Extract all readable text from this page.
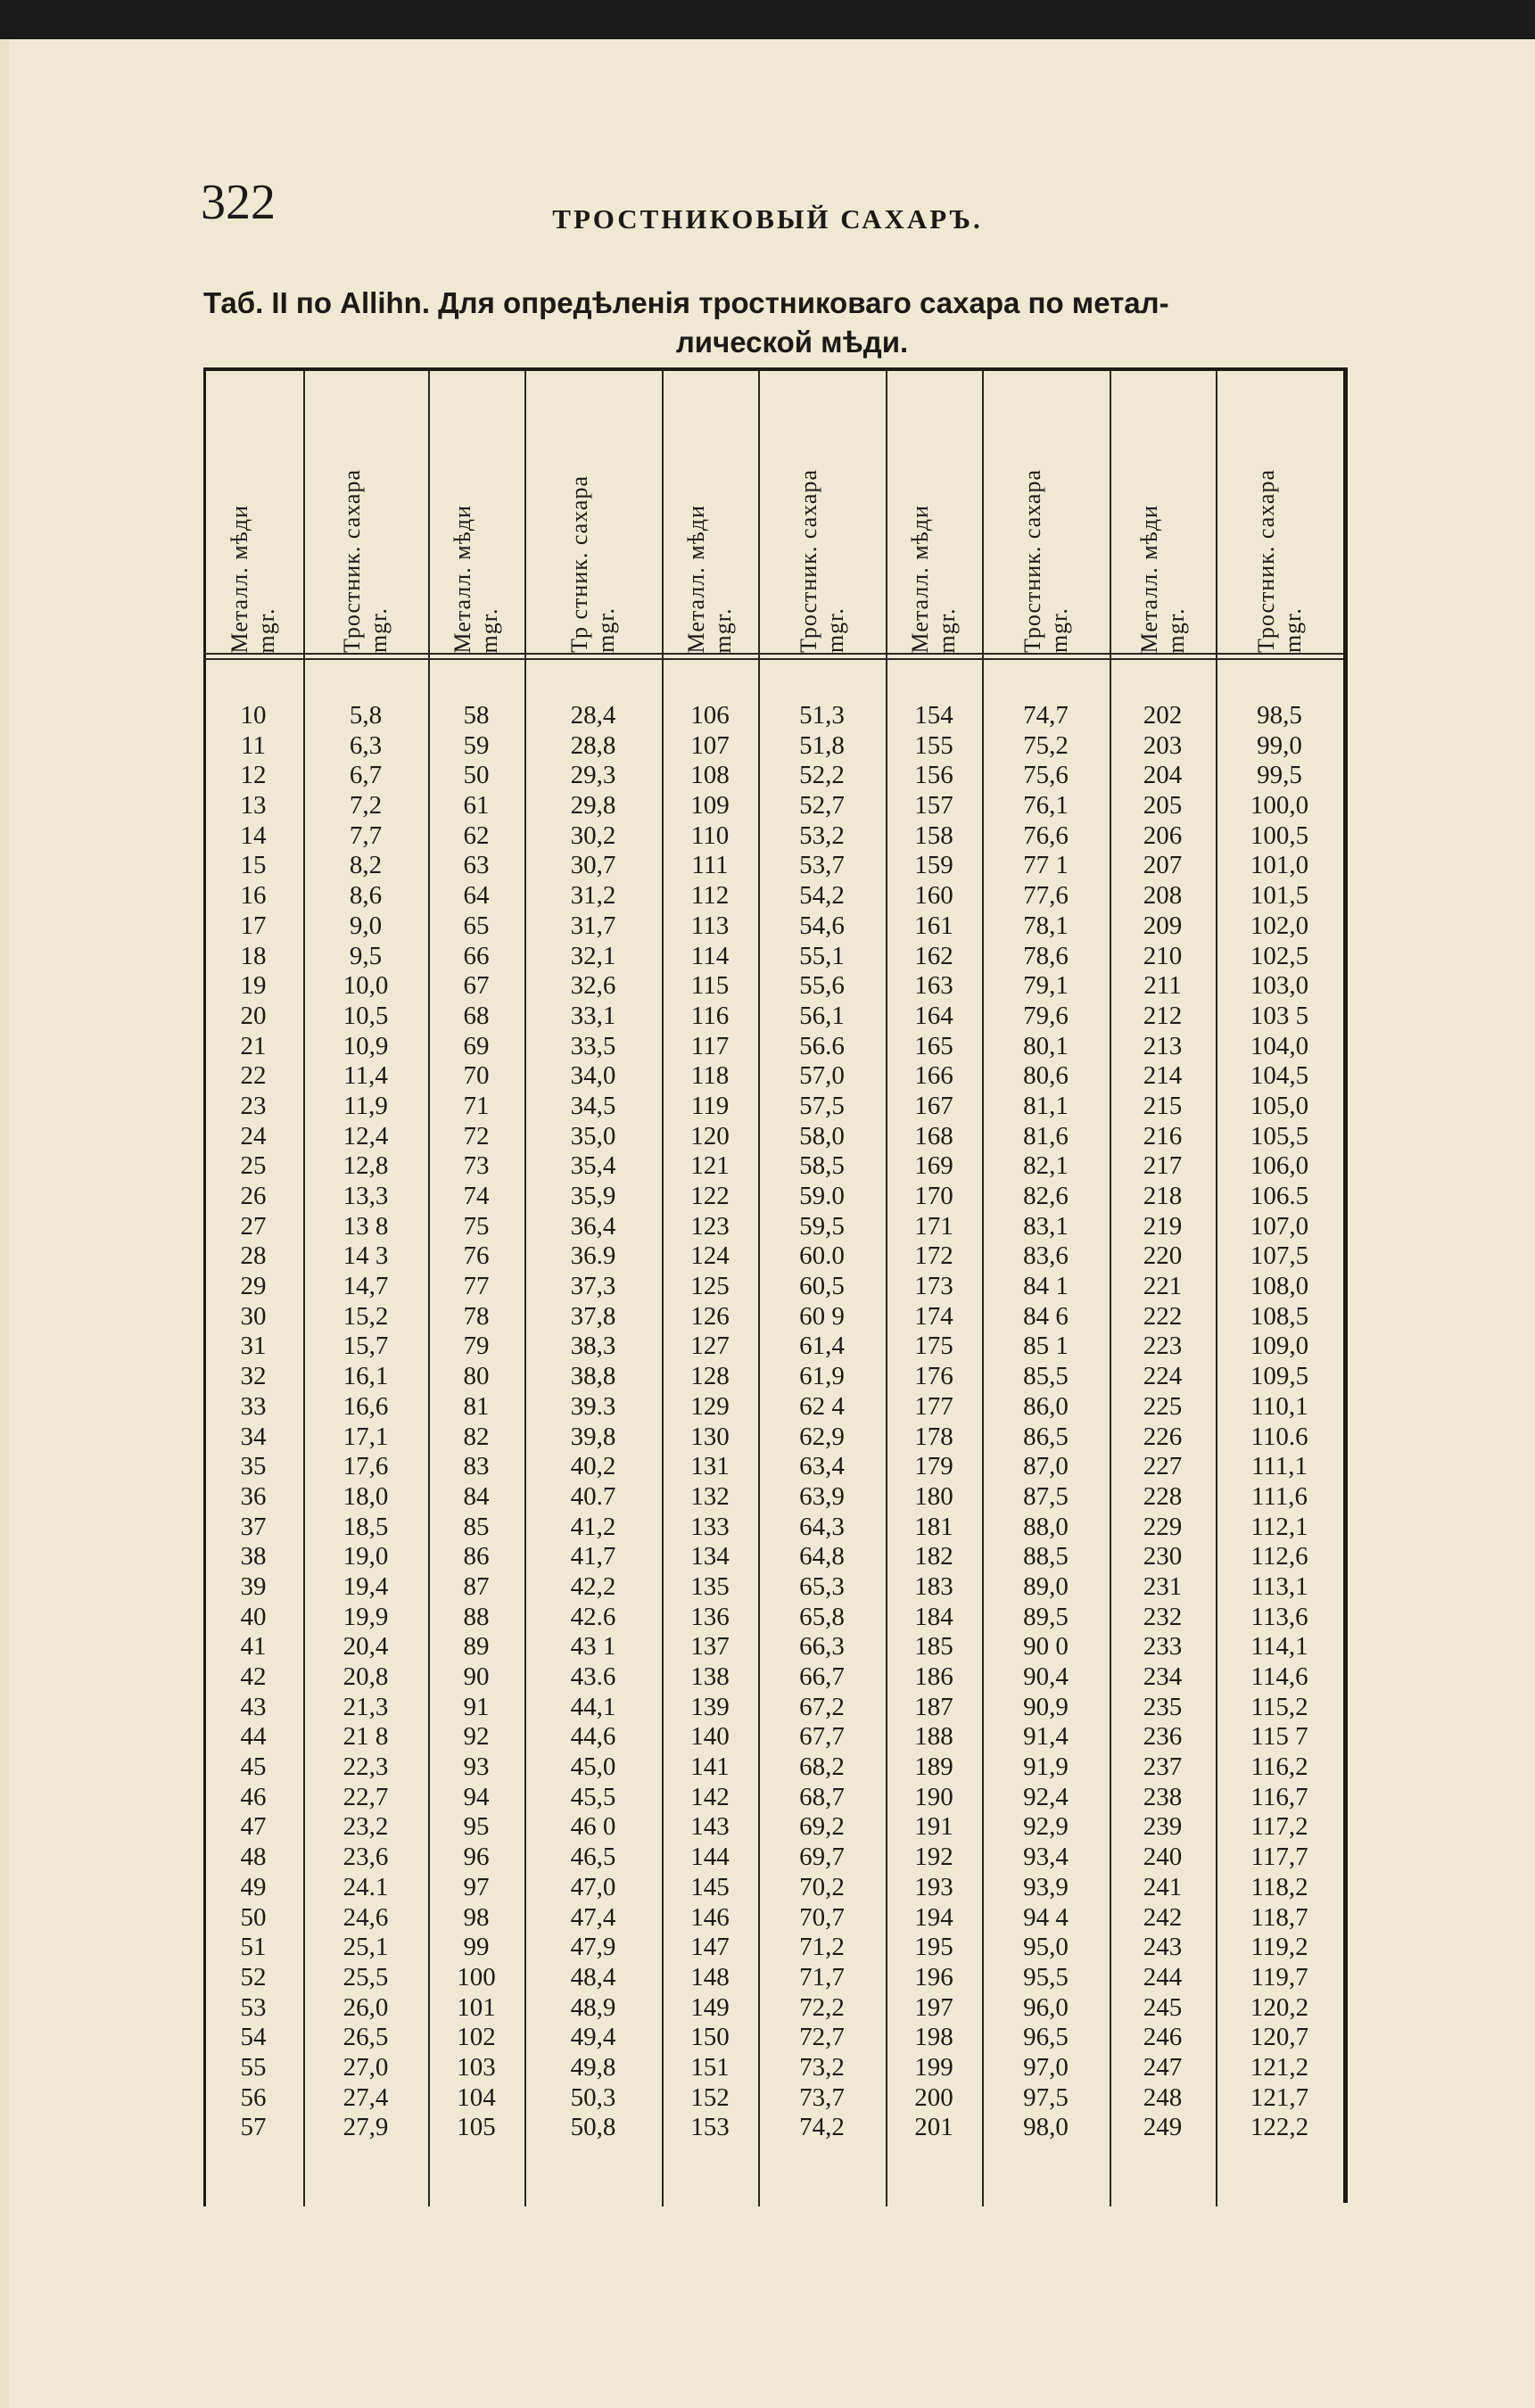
322	ТРОСТНИКОВЫЙ САХАРЪ.
Таб. II по Allihn. Для опредѣленія тростниковаго сахара по метал-
лической мѣди.
Металл. мѣди
mgr.
10
11
12
13
14
15
16
17
18
19
20
21
22
23
24
25
26
27
28
29
30
31
32
33
34
35
36
37
38
39
40
41
42
43
44
45
46
47
48
49
50
51
52
53
54
55
56
57
Тростник. сахара
mgr.
5,8
6,3
6,7
7,2
7,7
8,2
8,6
9,0
9,5
10,0
10,5
10,9
11,4
11,9
12,4
12,8
13,3
13 8
14 3
14,7
15,2
15,7
16,1
16,6
17,1
17,6
18,0
18,5
19,0
19,4
19,9
20,4
20,8
21,3
21 8
22,3
22,7
23,2
23,6
24.1
24,6
25,1
25,5
26,0
26,5
27,0
27,4
27,9
Металл. мѣди
mgr.
58
59
50
61
62
63
64
65
66
67
68
69
70
71
72
73
74
75
76
77
78
79
80
81
82
83
84
85
86
87
88
89
90
91
92
93
94
95
96
97
98
99
100
101
102
103
104
105
Тр стник. сахара
mgr.
28,4
28,8
29,3
29,8
30,2
30,7
31,2
31,7
32,1
32,6
33,1
33,5
34,0
34,5
35,0
35,4
35,9
36,4
36.9
37,3
37,8
38,3
38,8
39.3
39,8
40,2
40.7
41,2
41,7
42,2
42.6
43 1
43.6
44,1
44,6
45,0
45,5
46 0
46,5
47,0
47,4
47,9
48,4
48,9
49,4
49,8
50,3
50,8
Металл. мѣди
mgr.
106
107
108
109
110
111
112
113
114
115
116
117
118
119
120
121
122
123
124
125
126
127
128
129
130
131
132
133
134
135
136
137
138
139
140
141
142
143
144
145
146
147
148
149
150
151
152
153
Тростник. сахара
mgr.
51,3
51,8
52,2
52,7
53,2
53,7
54,2
54,6
55,1
55,6
56,1
56.6
57,0
57,5
58,0
58,5
59.0
59,5
60.0
60,5
60 9
61,4
61,9
62 4
62,9
63,4
63,9
64,3
64,8
65,3
65,8
66,3
66,7
67,2
67,7
68,2
68,7
69,2
69,7
70,2
70,7
71,2
71,7
72,2
72,7
73,2
73,7
74,2
Металл. мѣди
mgr.
154
155
156
157
158
159
160
161
162
163
164
165
166
167
168
169
170
171
172
173
174
175
176
177
178
179
180
181
182
183
184
185
186
187
188
189
190
191
192
193
194
195
196
197
198
199
200
201
Тростник. сахара
mgr.
74,7
75,2
75,6
76,1
76,6
77 1
77,6
78,1
78,6
79,1
79,6
80,1
80,6
81,1
81,6
82,1
82,6
83,1
83,6
84 1
84 6
85 1
85,5
86,0
86,5
87,0
87,5
88,0
88,5
89,0
89,5
90 0
90,4
90,9
91,4
91,9
92,4
92,9
93,4
93,9
94 4
95,0
95,5
96,0
96,5
97,0
97,5
98,0
Металл. мѣди
mgr.
202
203
204
205
206
207
208
209
210
211
212
213
214
215
216
217
218
219
220
221
222
223
224
225
226
227
228
229
230
231
232
233
234
235
236
237
238
239
240
241
242
243
244
245
246
247
248
249
Тростник. сахара
mgr.
98,5
99,0
99,5
100,0
100,5
101,0
101,5
102,0
102,5
103,0
103 5
104,0
104,5
105,0
105,5
106,0
106.5
107,0
107,5
108,0
108,5
109,0
109,5
110,1
110.6
111,1
111,6
112,1
112,6
113,1
113,6
114,1
114,6
115,2
115 7
116,2
116,7
117,2
117,7
118,2
118,7
119,2
119,7
120,2
120,7
121,2
121,7
122,2
